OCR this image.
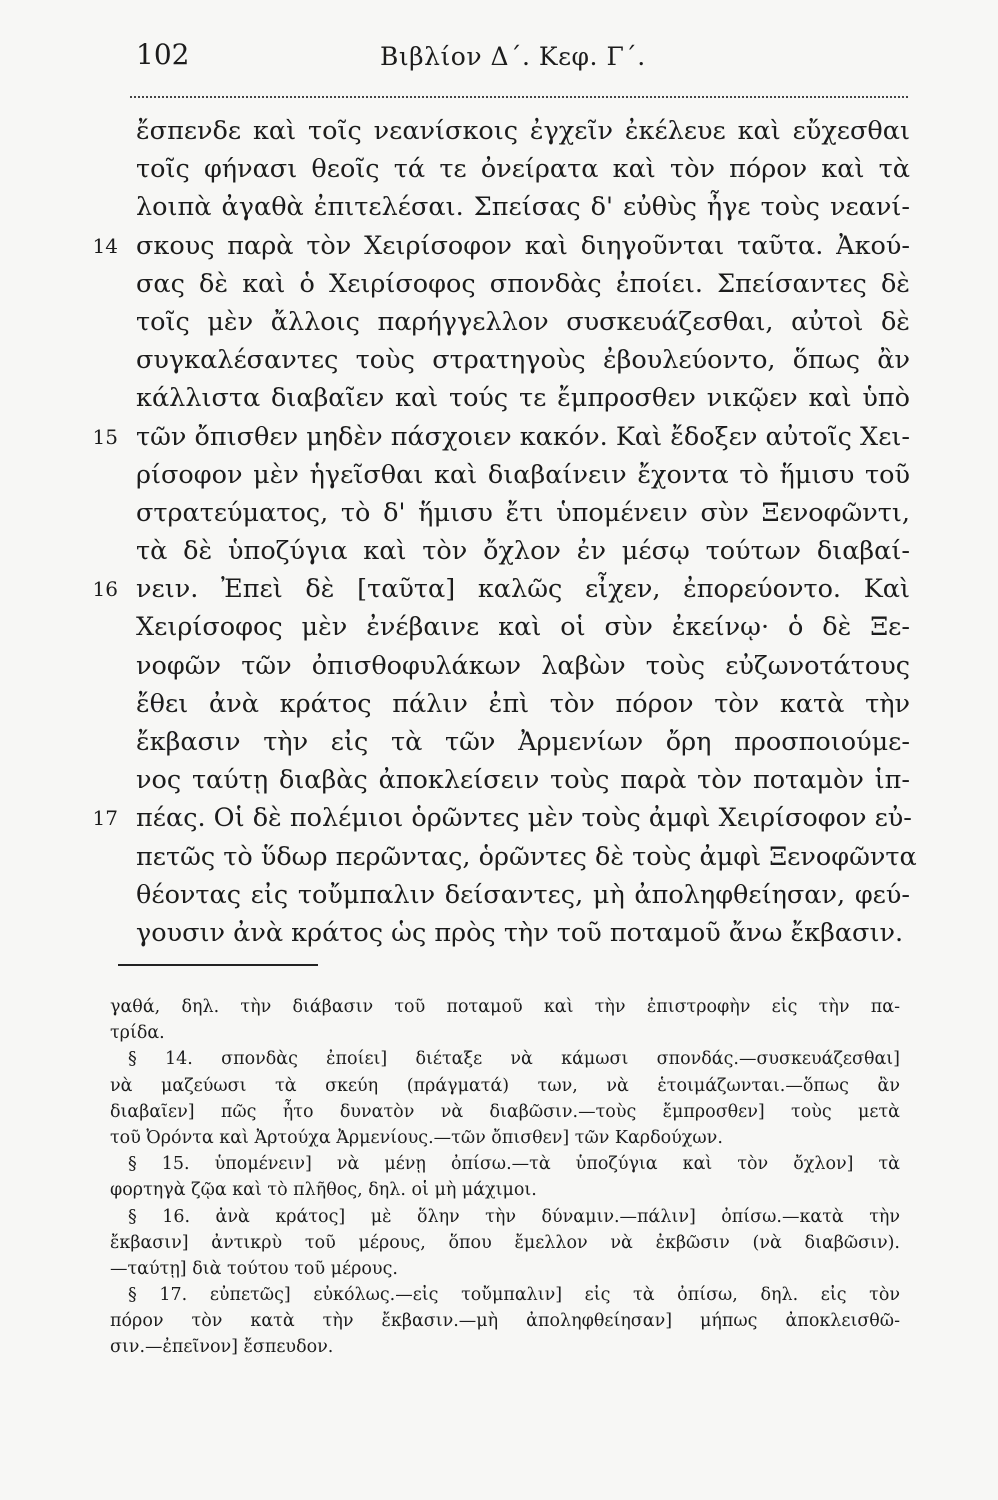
102	Βιβλίον Δ΄. Κεφ. Γ΄.
ἔσπενδε καὶ τοῖς νεανίσκοις ἐγχεῖν ἐκέλευε καὶ εὔχεσθαι
τοῖς φήνασι θεοῖς τά τε ὀνείρατα καὶ τὸν πόρον καὶ τὰ
λοιπὰ ἀγαθὰ ἐπιτελέσαι. Σπείσας δ' εὐθὺς ἦγε τοὺς νεανί-
14 σκους παρὰ τὸν Χειρίσοφον καὶ διηγοῦνται ταῦτα. Ἀκού-
σας δὲ καὶ ὁ Χειρίσοφος σπονδὰς ἐποίει. Σπείσαντες δὲ
τοῖς μὲν ἄλλοις παρήγγελλον συσκευάζεσθαι, αὐτοὶ δὲ
συγκαλέσαντες τοὺς στρατηγοὺς ἐβουλεύοντο, ὅπως ἂν
κάλλιστα διαβαῖεν καὶ τούς τε ἔμπροσθεν νικῷεν καὶ ὑπὸ
15 τῶν ὄπισθεν μηδὲν πάσχοιεν κακόν. Καὶ ἔδοξεν αὐτοῖς Χει-
ρίσοφον μὲν ἡγεῖσθαι καὶ διαβαίνειν ἔχοντα τὸ ἥμισυ τοῦ
στρατεύματος, τὸ δ' ἥμισυ ἔτι ὑπομένειν σὺν Ξενοφῶντι,
τὰ δὲ ὑποζύγια καὶ τὸν ὄχλον ἐν μέσῳ τούτων διαβαί-
16 νειν. Ἐπεὶ δὲ [ταῦτα] καλῶς εἶχεν, ἐπορεύοντο. Καὶ
Χειρίσοφος μὲν ἐνέβαινε καὶ οἱ σὺν ἐκείνῳ· ὁ δὲ Ξε-
νοφῶν τῶν ὀπισθοφυλάκων λαβὼν τοὺς εὐζωνοτάτους
ἔθει ἀνὰ κράτος πάλιν ἐπὶ τὸν πόρον τὸν κατὰ τὴν
ἔκβασιν τὴν εἰς τὰ τῶν Ἀρμενίων ὄρη προσποιούμε-
νος ταύτῃ διαβὰς ἀποκλείσειν τοὺς παρὰ τὸν ποταμὸν ἱπ-
17 πέας. Οἱ δὲ πολέμιοι ὁρῶντες μὲν τοὺς ἀμφὶ Χειρίσοφον εὐ-
πετῶς τὸ ὕδωρ περῶντας, ὁρῶντες δὲ τοὺς ἀμφὶ Ξενοφῶντα
θέοντας εἰς τοὔμπαλιν δείσαντες, μὴ ἀποληφθείησαν, φεύ-
γουσιν ἀνὰ κράτος ὡς πρὸς τὴν τοῦ ποταμοῦ ἄνω ἔκβασιν.
γαθά, δηλ. τὴν διάβασιν τοῦ ποταμοῦ καὶ τὴν ἐπιστροφὴν εἰς τὴν πα-
τρίδα.
§ 14. σπονδὰς ἐποίει] διέταξε νὰ κάμωσι σπονδάς.—συσκευάζεσθαι]
νὰ μαζεύωσι τὰ σκεύη (πράγματά) των, νὰ ἑτοιμάζωνται.—ὅπως ἂν
διαβαῖεν] πῶς ἦτο δυνατὸν νὰ διαβῶσιν.—τοὺς ἔμπροσθεν] τοὺς μετὰ
τοῦ Ὀρόντα καὶ Ἀρτούχα Ἀρμενίους.—τῶν ὄπισθεν] τῶν Καρδούχων.
§ 15. ὑπομένειν] νὰ μένῃ ὀπίσω.—τὰ ὑποζύγια καὶ τὸν ὄχλον] τὰ
φορτηγὰ ζῷα καὶ τὸ πλῆθος, δηλ. οἱ μὴ μάχιμοι.
§ 16. ἀνὰ κράτος] μὲ ὅλην τὴν δύναμιν.—πάλιν] ὀπίσω.—κατὰ τὴν
ἔκβασιν] ἀντικρὺ τοῦ μέρους, ὅπου ἔμελλον νὰ ἐκβῶσιν (νὰ διαβῶσιν).
—ταύτῃ] διὰ τούτου τοῦ μέρους.
§ 17. εὐπετῶς] εὐκόλως.—εἰς τοὔμπαλιν] εἰς τὰ ὀπίσω, δηλ. εἰς τὸν
πόρον τὸν κατὰ τὴν ἔκβασιν.—μὴ ἀποληφθείησαν] μήπως ἀποκλεισθῶ-
σιν.—ἐπεῖνον] ἔσπευδον.
